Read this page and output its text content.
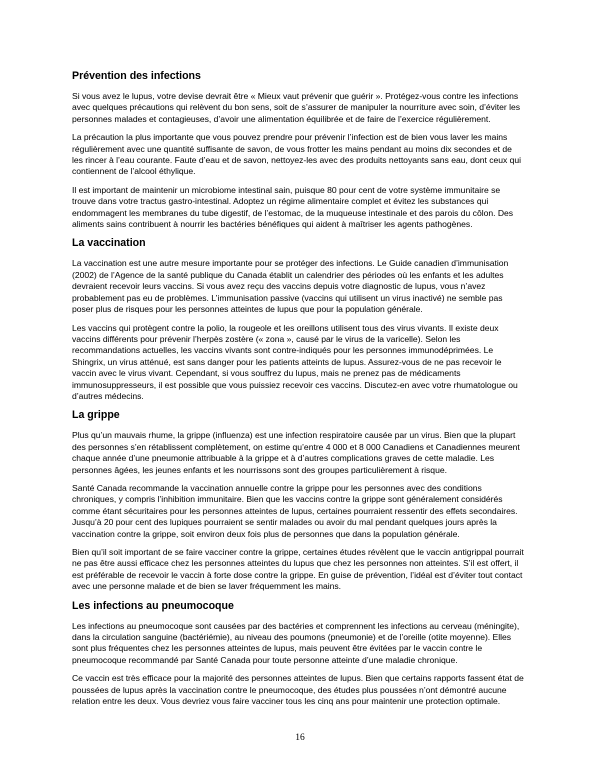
Prévention des infections

Si vous avez le lupus, votre devise devrait être « Mieux vaut prévenir que guérir ». Protégez-vous contre les infections avec quelques précautions qui relèvent du bon sens, soit de s’assurer de manipuler la nourriture avec soin, d’éviter les personnes malades et contagieuses, d’avoir une alimentation équilibrée et de faire de l’exercice régulièrement.

La précaution la plus importante que vous pouvez prendre pour prévenir l’infection est de bien vous laver les mains régulièrement avec une quantité suffisante de savon, de vous frotter les mains pendant au moins dix secondes et de les rincer à l’eau courante. Faute d’eau et de savon, nettoyez-les avec des produits nettoyants sans eau, dont ceux qui contiennent de l’alcool éthylique.

Il est important de maintenir un microbiome intestinal sain, puisque 80 pour cent de votre système immunitaire se trouve dans votre tractus gastro-intestinal. Adoptez un régime alimentaire complet et évitez les substances qui endommagent les membranes du tube digestif, de l’estomac, de la muqueuse intestinale et des parois du côlon. Des aliments sains contribuent à nourrir les bactéries bénéfiques qui aident à maîtriser les agents pathogènes.

La vaccination

La vaccination est une autre mesure importante pour se protéger des infections. Le Guide canadien d’immunisation (2002) de l’Agence de la santé publique du Canada établit un calendrier des périodes où les enfants et les adultes devraient recevoir leurs vaccins. Si vous avez reçu des vaccins depuis votre diagnostic de lupus, vous n’avez probablement pas eu de problèmes. L’immunisation passive (vaccins qui utilisent un virus inactivé) ne semble pas poser plus de risques pour les personnes atteintes de lupus que pour la population générale.

Les vaccins qui protègent contre la polio, la rougeole et les oreillons utilisent tous des virus vivants. Il existe deux vaccins différents pour prévenir l’herpès zostère (« zona », causé par le virus de la varicelle). Selon les recommandations actuelles, les vaccins vivants sont contre-indiqués pour les personnes immunodéprimées. Le Shingrix, un virus atténué, est sans danger pour les patients atteints de lupus. Assurez-vous de ne pas recevoir le vaccin avec le virus vivant. Cependant, si vous souffrez du lupus, mais ne prenez pas de médicaments immunosuppresseurs, il est possible que vous puissiez recevoir ces vaccins. Discutez-en avec votre rhumatologue ou d’autres médecins.

La grippe

Plus qu’un mauvais rhume, la grippe (influenza) est une infection respiratoire causée par un virus. Bien que la plupart des personnes s’en rétablissent complètement, on estime qu’entre 4 000 et 8 000 Canadiens et Canadiennes meurent chaque année d’une pneumonie attribuable à la grippe et à d’autres complications graves de cette maladie. Les personnes âgées, les jeunes enfants et les nourrissons sont des groupes particulièrement à risque.

Santé Canada recommande la vaccination annuelle contre la grippe pour les personnes avec des conditions chroniques, y compris l’inhibition immunitaire. Bien que les vaccins contre la grippe sont généralement considérés comme étant sécuritaires pour les personnes atteintes de lupus, certaines pourraient ressentir des effets secondaires. Jusqu’à 20 pour cent des lupiques pourraient se sentir malades ou avoir du mal pendant quelques jours après la vaccination contre la grippe, soit environ deux fois plus de personnes que dans la population générale.

Bien qu’il soit important de se faire vacciner contre la grippe, certaines études révèlent que le vaccin antigrippal pourrait ne pas être aussi efficace chez les personnes atteintes du lupus que chez les personnes non atteintes. S’il est offert, il est préférable de recevoir le vaccin à forte dose contre la grippe. En guise de prévention, l’idéal est d’éviter tout contact avec une personne malade et de bien se laver fréquemment les mains.

Les infections au pneumocoque

Les infections au pneumocoque sont causées par des bactéries et comprennent les infections au cerveau (méningite), dans la circulation sanguine (bactériémie), au niveau des poumons (pneumonie) et de l’oreille (otite moyenne). Elles sont plus fréquentes chez les personnes atteintes de lupus, mais peuvent être évitées par le vaccin contre le pneumocoque recommandé par Santé Canada pour toute personne atteinte d’une maladie chronique.

Ce vaccin est très efficace pour la majorité des personnes atteintes de lupus. Bien que certains rapports fassent état de poussées de lupus après la vaccination contre le pneumocoque, des études plus poussées n’ont démontré aucune relation entre les deux. Vous devriez vous faire vacciner tous les cinq ans pour maintenir une protection optimale.

16
